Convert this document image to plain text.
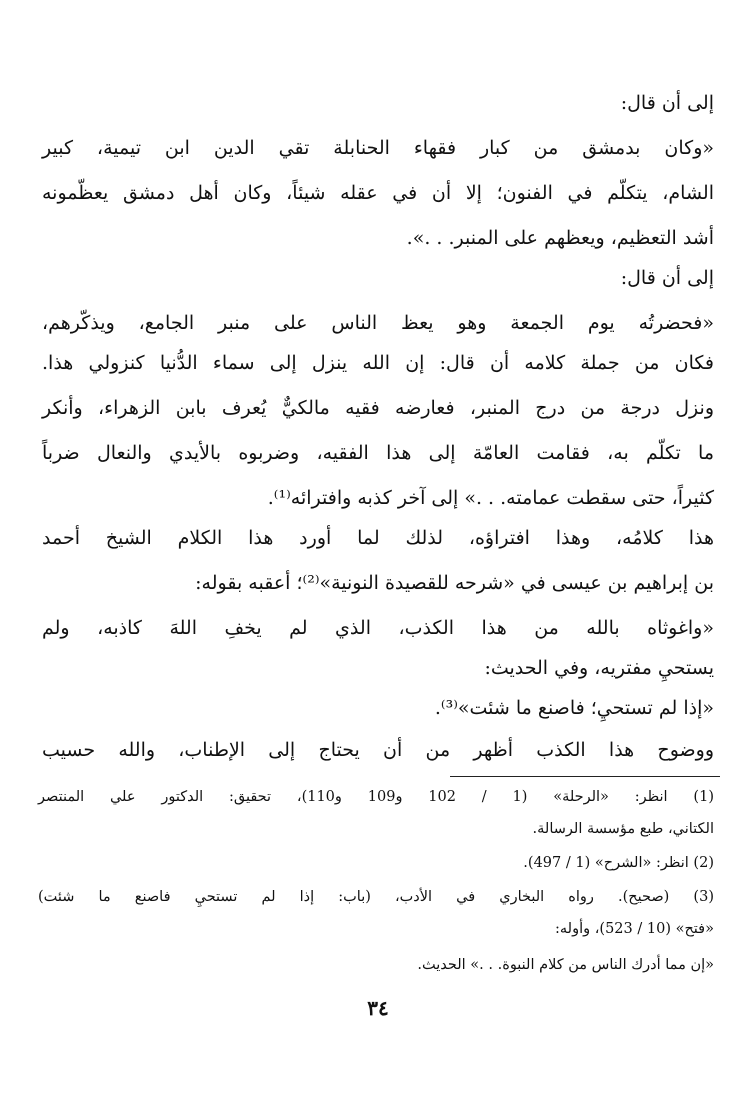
إلى أن قال:
«وكان بدمشق من كبار فقهاء الحنابلة تقي الدين ابن تيمية، كبير
الشام، يتكلّم في الفنون؛ إلا أن في عقله شيئاً، وكان أهل دمشق يعظّمونه
أشد التعظيم، ويعظهم على المنبر. . .».
إلى أن قال:
«فحضرتُه يوم الجمعة وهو يعظ الناس على منبر الجامع، ويذكّرهم،
فكان من جملة كلامه أن قال: إن الله ينزل إلى سماء الدُّنيا كنزولي هذا.
ونزل درجة من درج المنبر، فعارضه فقيه مالكيٌّ يُعرف بابن الزهراء، وأنكر
ما تكلّم به، فقامت العامّة إلى هذا الفقيه، وضربوه بالأيدي والنعال ضرباً
كثيراً، حتى سقطت عمامته. . .» إلى آخر كذبه وافترائه⁽¹⁾.
هذا كلامُه، وهذا افتراؤه، لذلك لما أورد هذا الكلام الشيخ أحمد
بن إبراهيم بن عيسى في «شرحه للقصيدة النونية»⁽²⁾؛ أعقبه بقوله:
«واغوثاه بالله من هذا الكذب، الذي لم يخفِ اللهَ كاذبه، ولم
يستحيِ مفتريه، وفي الحديث:
«إذا لم تستحيِ؛ فاصنع ما شئت»⁽³⁾.
ووضوح هذا الكذب أظهر من أن يحتاج إلى الإطناب، والله حسيب
(1) انظر: «الرحلة» (1 / 102 و109 و110)، تحقيق: الدكتور علي المنتصر
الكتاني، طبع مؤسسة الرسالة.
(2) انظر: «الشرح» (1 / 497).
(3) (صحيح). رواه البخاري في الأدب، (باب: إذا لم تستحيِ فاصنع ما شئت)
«فتح» (10 / 523)، وأوله:
«إن مما أدرك الناس من كلام النبوة. . .» الحديث.
٣٤
